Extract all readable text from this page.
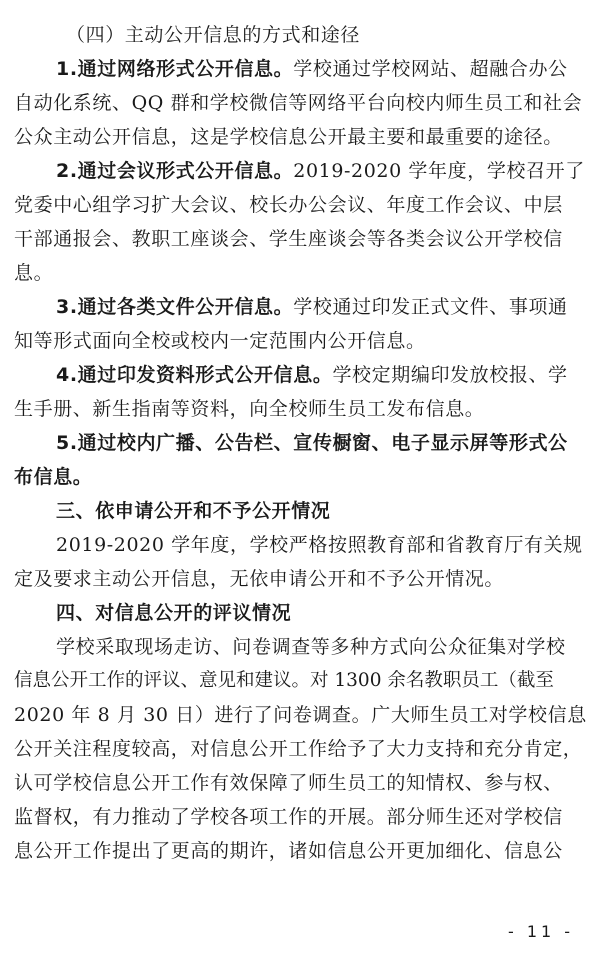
（四）主动公开信息的方式和途径
1.通过网络形式公开信息。学校通过学校网站、超融合办公
自动化系统、QQ 群和学校微信等网络平台向校内师生员工和社会
公众主动公开信息，这是学校信息公开最主要和最重要的途径。
2.通过会议形式公开信息。2019-2020 学年度，学校召开了
党委中心组学习扩大会议、校长办公会议、年度工作会议、中层
干部通报会、教职工座谈会、学生座谈会等各类会议公开学校信
息。
3.通过各类文件公开信息。学校通过印发正式文件、事项通
知等形式面向全校或校内一定范围内公开信息。
4.通过印发资料形式公开信息。学校定期编印发放校报、学
生手册、新生指南等资料，向全校师生员工发布信息。
5.通过校内广播、公告栏、宣传橱窗、电子显示屏等形式公
布信息。
三、依申请公开和不予公开情况
2019-2020 学年度，学校严格按照教育部和省教育厅有关规
定及要求主动公开信息，无依申请公开和不予公开情况。
四、对信息公开的评议情况
学校采取现场走访、问卷调查等多种方式向公众征集对学校
信息公开工作的评议、意见和建议。对 1300 余名教职员工（截至
2020 年 8 月 30 日）进行了问卷调查。广大师生员工对学校信息
公开关注程度较高，对信息公开工作给予了大力支持和充分肯定，
认可学校信息公开工作有效保障了师生员工的知情权、参与权、
监督权，有力推动了学校各项工作的开展。部分师生还对学校信
息公开工作提出了更高的期许，诸如信息公开更加细化、信息公
- 11 -
